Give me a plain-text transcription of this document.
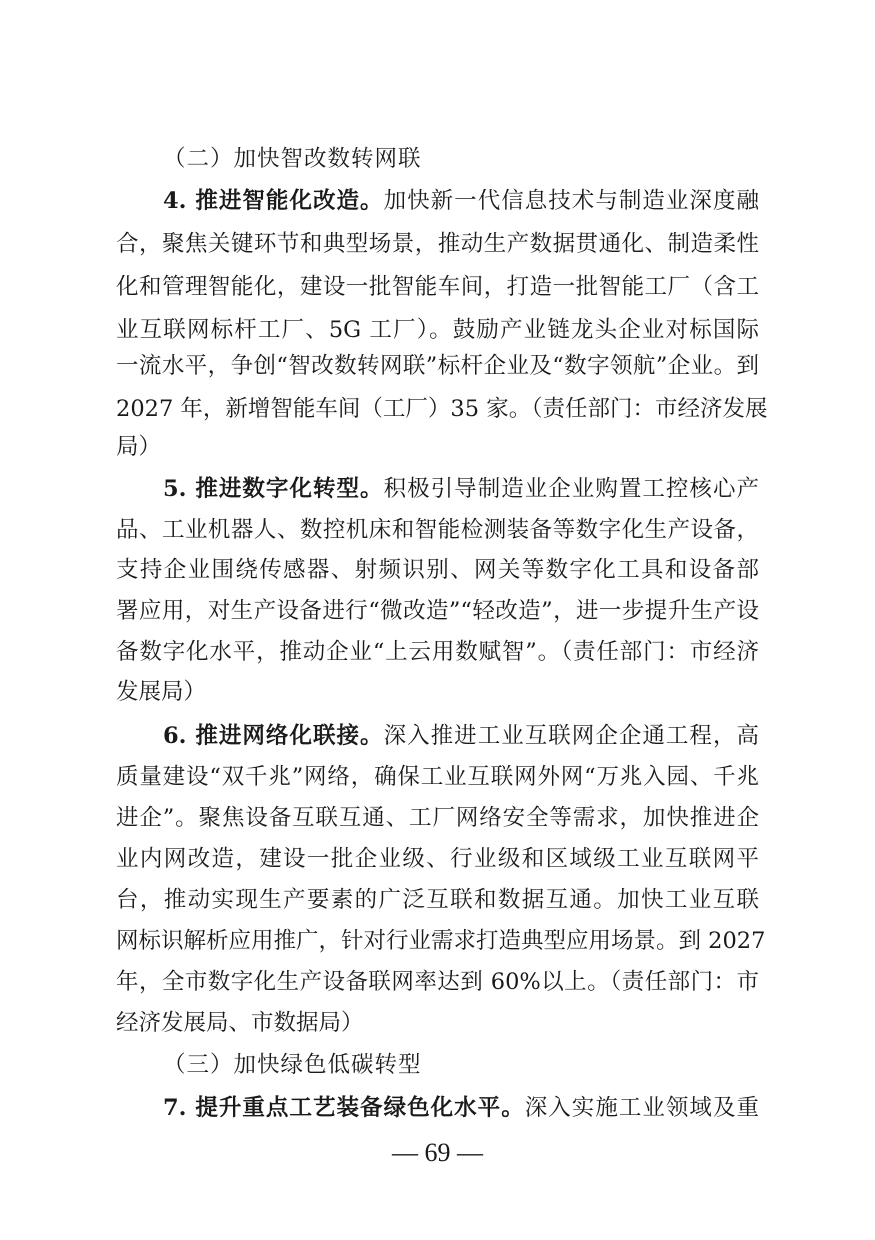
（二）加快智改数转网联
4. 推进智能化改造。加快新一代信息技术与制造业深度融
合，聚焦关键环节和典型场景，推动生产数据贯通化、制造柔性
化和管理智能化，建设一批智能车间，打造一批智能工厂（含工
业互联网标杆工厂、5G 工厂）。鼓励产业链龙头企业对标国际
一流水平，争创“智改数转网联”标杆企业及“数字领航”企业。到
2027 年，新增智能车间（工厂）35 家。（责任部门：市经济发展
局）
5. 推进数字化转型。积极引导制造业企业购置工控核心产
品、工业机器人、数控机床和智能检测装备等数字化生产设备，
支持企业围绕传感器、射频识别、网关等数字化工具和设备部
署应用，对生产设备进行“微改造”“轻改造”，进一步提升生产设
备数字化水平，推动企业“上云用数赋智”。（责任部门：市经济
发展局）
6. 推进网络化联接。深入推进工业互联网企企通工程，高
质量建设“双千兆”网络，确保工业互联网外网“万兆入园、千兆
进企”。聚焦设备互联互通、工厂网络安全等需求，加快推进企
业内网改造，建设一批企业级、行业级和区域级工业互联网平
台，推动实现生产要素的广泛互联和数据互通。加快工业互联
网标识解析应用推广，针对行业需求打造典型应用场景。到 2027
年，全市数字化生产设备联网率达到 60%以上。（责任部门：市
经济发展局、市数据局）
（三）加快绿色低碳转型
7. 提升重点工艺装备绿色化水平。深入实施工业领域及重
— 69 —
